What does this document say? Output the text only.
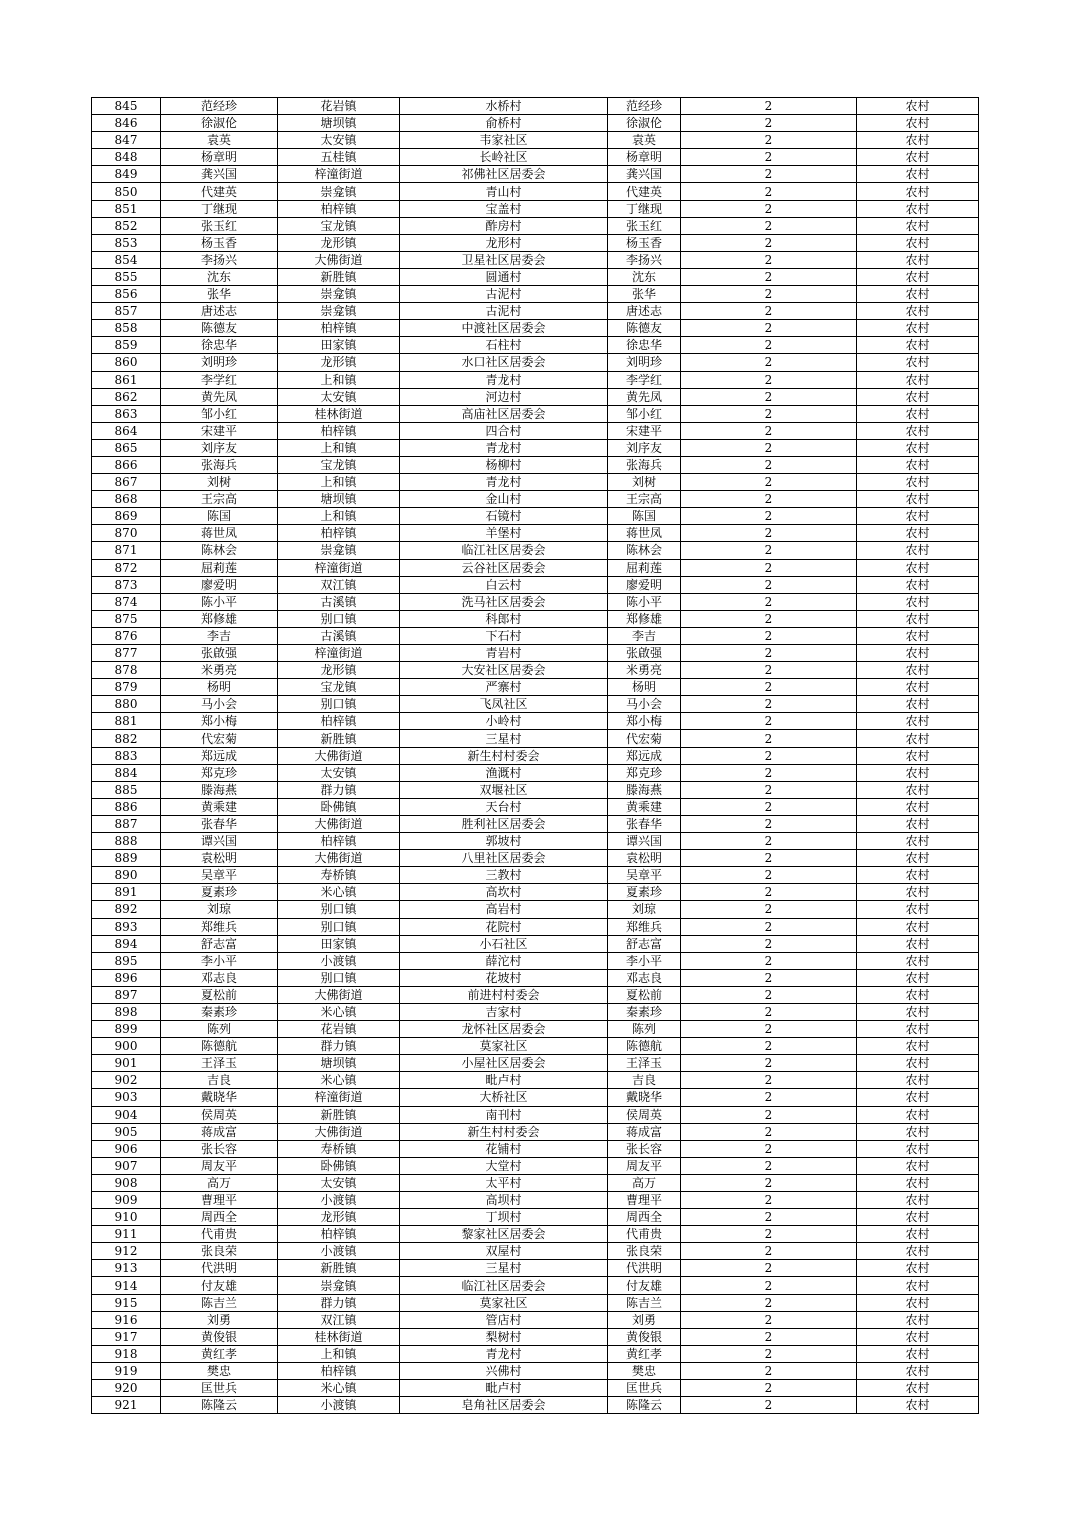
845	范经珍	花岩镇	水桥村	范经珍	2	农村
846	徐淑伦	塘坝镇	俞桥村	徐淑伦	2	农村
847	袁英	太安镇	韦家社区	袁英	2	农村
848	杨章明	五桂镇	长岭社区	杨章明	2	农村
849	龚兴国	梓潼街道	祁佛社区居委会	龚兴国	2	农村
850	代建英	崇龛镇	青山村	代建英	2	农村
851	丁继现	柏梓镇	宝盖村	丁继现	2	农村
852	张玉红	宝龙镇	酢房村	张玉红	2	农村
853	杨玉香	龙形镇	龙形村	杨玉香	2	农村
854	李扬兴	大佛街道	卫星社区居委会	李扬兴	2	农村
855	沈东	新胜镇	圆通村	沈东	2	农村
856	张华	崇龛镇	古泥村	张华	2	农村
857	唐述志	崇龛镇	古泥村	唐述志	2	农村
858	陈德友	柏梓镇	中渡社区居委会	陈德友	2	农村
859	徐忠华	田家镇	石柱村	徐忠华	2	农村
860	刘明珍	龙形镇	水口社区居委会	刘明珍	2	农村
861	李学红	上和镇	青龙村	李学红	2	农村
862	黄先凤	太安镇	河边村	黄先凤	2	农村
863	邹小红	桂林街道	高庙社区居委会	邹小红	2	农村
864	宋建平	柏梓镇	四合村	宋建平	2	农村
865	刘序友	上和镇	青龙村	刘序友	2	农村
866	张海兵	宝龙镇	杨柳村	张海兵	2	农村
867	刘树	上和镇	青龙村	刘树	2	农村
868	王宗高	塘坝镇	金山村	王宗高	2	农村
869	陈国	上和镇	石镜村	陈国	2	农村
870	蒋世凤	柏梓镇	羊堡村	蒋世凤	2	农村
871	陈林会	崇龛镇	临江社区居委会	陈林会	2	农村
872	屈莉莲	梓潼街道	云谷社区居委会	屈莉莲	2	农村
873	廖爱明	双江镇	白云村	廖爱明	2	农村
874	陈小平	古溪镇	洗马社区居委会	陈小平	2	农村
875	郑修雄	别口镇	科郎村	郑修雄	2	农村
876	李吉	古溪镇	下石村	李吉	2	农村
877	张啟强	梓潼街道	青岩村	张啟强	2	农村
878	米勇亮	龙形镇	大安社区居委会	米勇亮	2	农村
879	杨明	宝龙镇	严寨村	杨明	2	农村
880	马小会	别口镇	飞凤社区	马小会	2	农村
881	郑小梅	柏梓镇	小岭村	郑小梅	2	农村
882	代宏菊	新胜镇	三星村	代宏菊	2	农村
883	郑远成	大佛街道	新生村村委会	郑远成	2	农村
884	郑克珍	太安镇	渔溉村	郑克珍	2	农村
885	滕海燕	群力镇	双堰社区	滕海燕	2	农村
886	黄乘建	卧佛镇	天台村	黄乘建	2	农村
887	张春华	大佛街道	胜利社区居委会	张春华	2	农村
888	谭兴国	柏梓镇	郭坡村	谭兴国	2	农村
889	袁松明	大佛街道	八里社区居委会	袁松明	2	农村
890	吴章平	寿桥镇	三教村	吴章平	2	农村
891	夏素珍	米心镇	高坎村	夏素珍	2	农村
892	刘琼	别口镇	高岩村	刘琼	2	农村
893	郑维兵	别口镇	花院村	郑维兵	2	农村
894	舒志富	田家镇	小石社区	舒志富	2	农村
895	李小平	小渡镇	薛沱村	李小平	2	农村
896	邓志良	别口镇	花坡村	邓志良	2	农村
897	夏松前	大佛街道	前进村村委会	夏松前	2	农村
898	秦素珍	米心镇	吉家村	秦素珍	2	农村
899	陈列	花岩镇	龙怀社区居委会	陈列	2	农村
900	陈德航	群力镇	莫家社区	陈德航	2	农村
901	王泽玉	塘坝镇	小屋社区居委会	王泽玉	2	农村
902	吉良	米心镇	毗卢村	吉良	2	农村
903	戴晓华	梓潼街道	大桥社区	戴晓华	2	农村
904	侯周英	新胜镇	南刊村	侯周英	2	农村
905	蒋成富	大佛街道	新生村村委会	蒋成富	2	农村
906	张长容	寿桥镇	花铺村	张长容	2	农村
907	周友平	卧佛镇	大堂村	周友平	2	农村
908	高万	太安镇	太平村	高万	2	农村
909	曹理平	小渡镇	高坝村	曹理平	2	农村
910	周西全	龙形镇	丁坝村	周西全	2	农村
911	代甫贵	柏梓镇	黎家社区居委会	代甫贵	2	农村
912	张良荣	小渡镇	双屋村	张良荣	2	农村
913	代洪明	新胜镇	三星村	代洪明	2	农村
914	付友雄	崇龛镇	临江社区居委会	付友雄	2	农村
915	陈吉兰	群力镇	莫家社区	陈吉兰	2	农村
916	刘勇	双江镇	管店村	刘勇	2	农村
917	黄俊银	桂林街道	梨树村	黄俊银	2	农村
918	黄红孝	上和镇	青龙村	黄红孝	2	农村
919	樊忠	柏梓镇	兴佛村	樊忠	2	农村
920	匡世兵	米心镇	毗卢村	匡世兵	2	农村
921	陈隆云	小渡镇	皂角社区居委会	陈隆云	2	农村
